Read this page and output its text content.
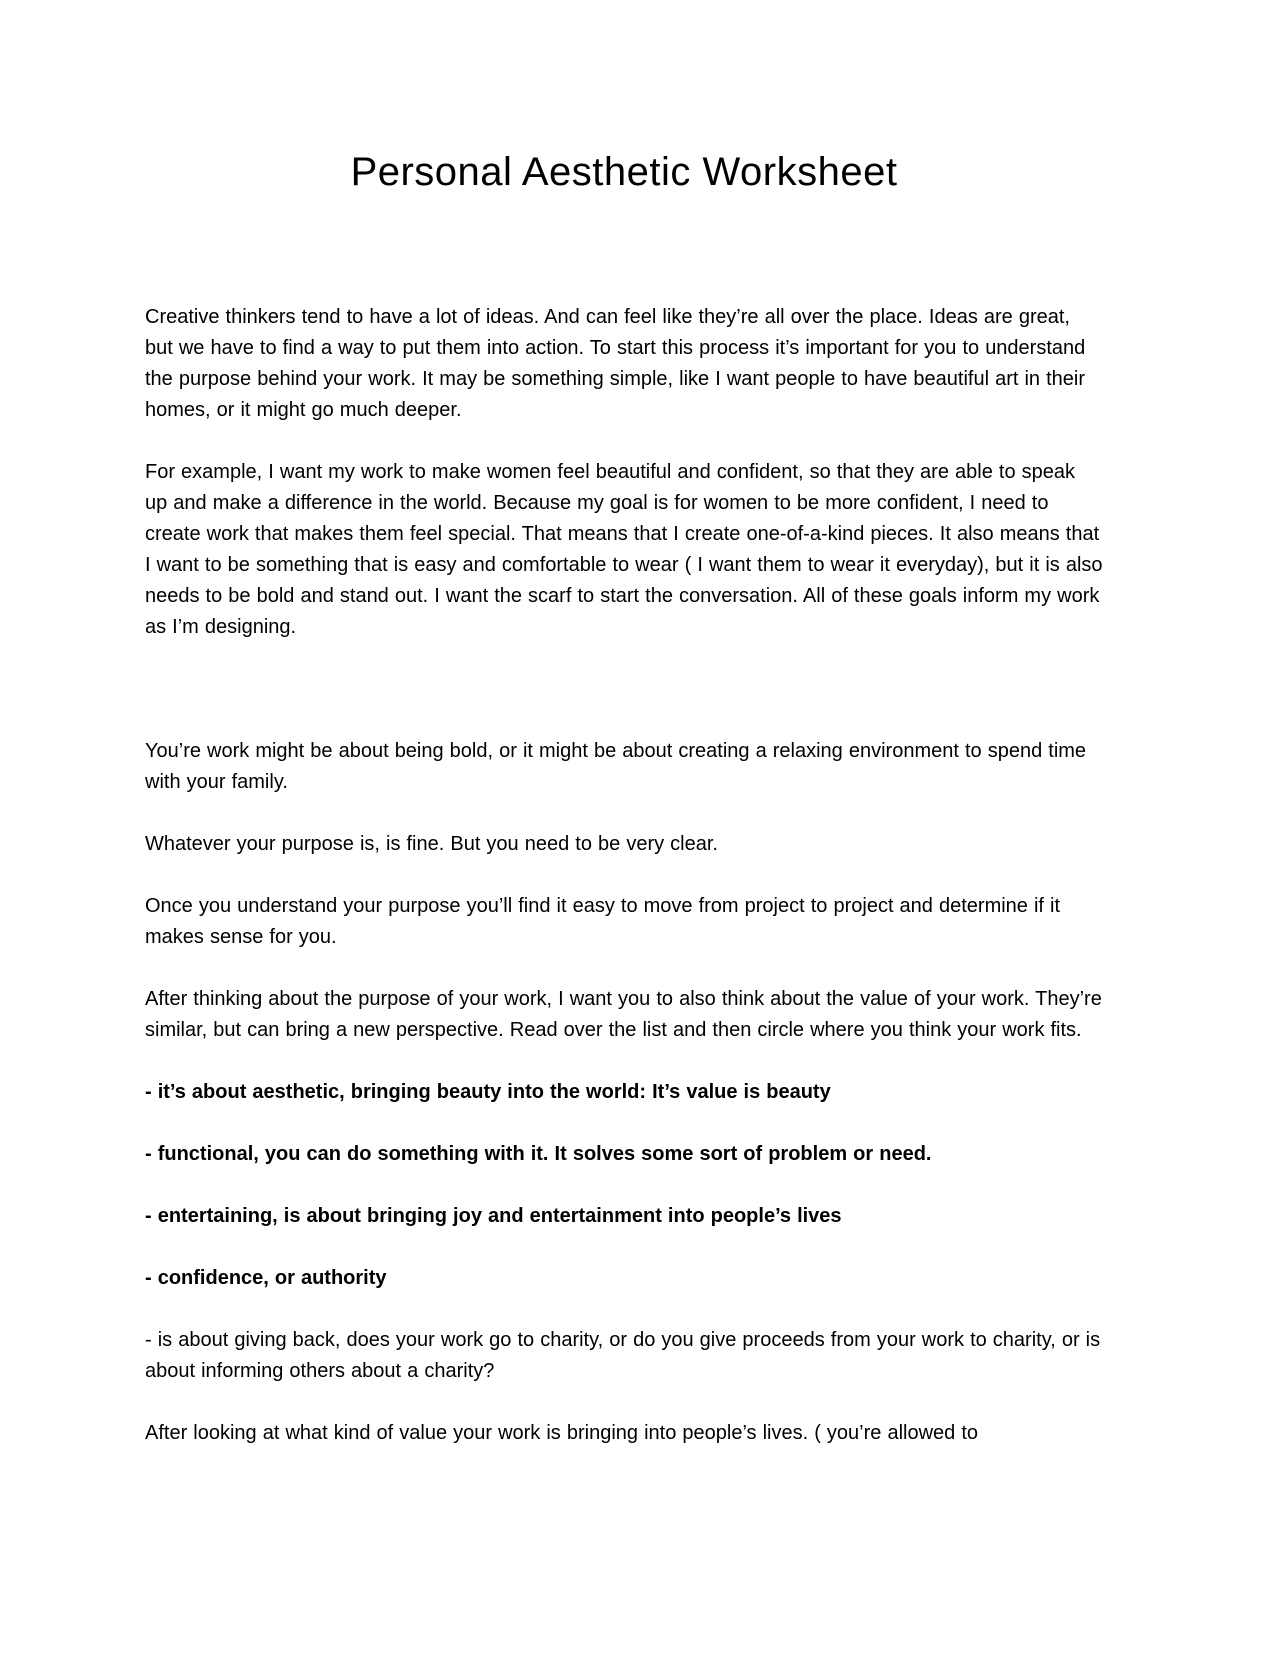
Personal Aesthetic Worksheet

Creative thinkers tend to have a lot of ideas. And can feel like they’re all over the place. Ideas are great, but we have to find a way to put them into action. To start this process it’s important for you to understand the purpose behind your work. It may be something simple, like I want people to have beautiful art in their homes, or it might go much deeper.

For example, I want my work to make women feel beautiful and confident, so that they are able to speak up and make a difference in the world. Because my goal is for women to be more confident, I need to create work that makes them feel special. That means that I create one-of-a-kind pieces. It also means that I want to be something that is easy and comfortable to wear ( I want them to wear it everyday), but it is also needs to be bold and stand out. I want the scarf to start the conversation. All of these goals inform my work as I’m designing.

You’re work might be about being bold, or it might be about creating a relaxing environment to spend time with your family.

Whatever your purpose is, is fine. But you need to be very clear.

Once you understand your purpose you’ll find it easy to move from project to project and determine if it makes sense for you.

After thinking about the purpose of your work, I want you to also think about the value of your work. They’re similar, but can bring a new perspective. Read over the list and then circle where you think your work fits.

- it’s about aesthetic, bringing beauty into the world: It’s value is beauty

- functional, you can do something with it. It solves some sort of problem or need.

- entertaining, is about bringing joy and entertainment into people’s lives

- confidence, or authority

- is about giving back, does your work go to charity, or do you give proceeds from your work to charity, or is about informing others about a charity?

After looking at what kind of value your work is bringing into people’s lives. ( you’re allowed to
